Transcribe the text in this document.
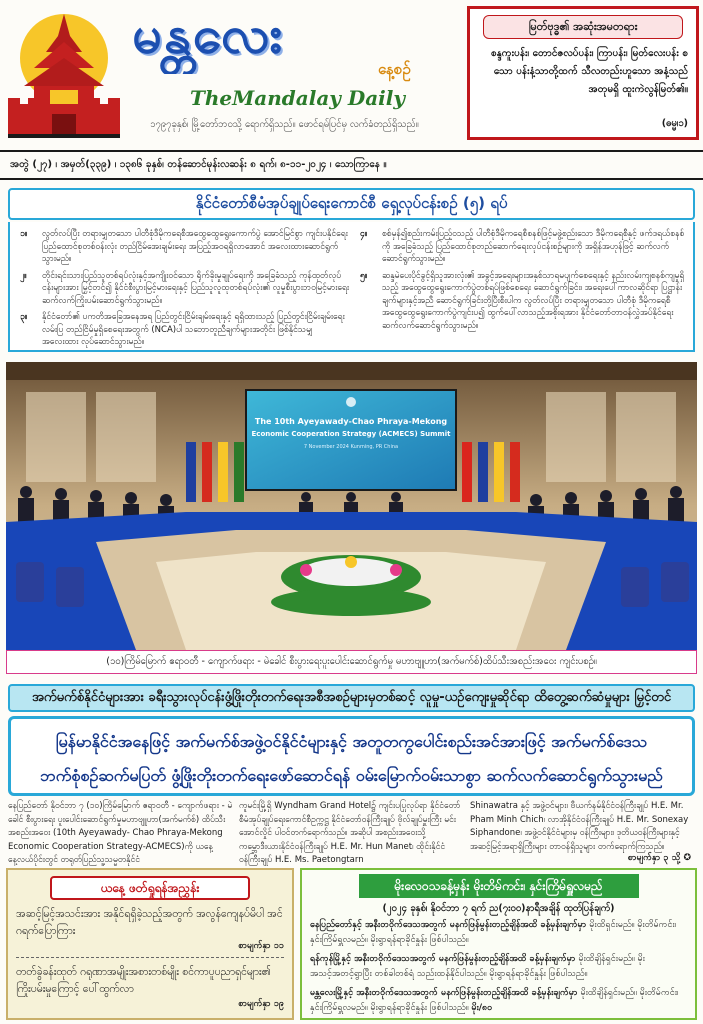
မန္တလေး
နေ့စဉ်
TheMandalay Daily
၁၇၉၇ခုနှစ်၊ မြို့တော်ဘဝသို့ ရောက်ရှိသည်။ ဖောင်ရမ်ပြင်မှ လက်ခံတည်ရှိသည်။
မြတ်ဗုဒ္ဓ၏ အဆုံးအမတရား
စန္ဒကူးပန်း၊ တောင်ဇလပ်ပန်း၊ ကြာပန်း၊ မြတ်လေးပန်း စသော ပန်းနံ့သာတို့ထက် သီလတည်းဟူသော အနံ့သည် အတုမရှိ ထူးကဲလွန်မြတ်၏။
(ဓမ္မ၊၁)
အတွဲ (၂၇) ၊ အမှတ်(၃၃၉) ၊ ၁၃၈၆ ခုနှစ်၊ တန်ဆောင်မုန်းလဆန်း ၈ ရက်၊ ၈-၁၁-၂၀၂၄ ၊ သောကြာနေ ။
နိုင်ငံတော်စီမံအုပ်ချုပ်ရေးကောင်စီ ရှေ့လုပ်ငန်းစဉ် (၅) ရပ်
၁။	လွတ်လပ်ပြီး တရားမျှတသော ပါတီစုံဒီမိုကရေစီအထွေထွေရွေးကောက်ပွဲ အောင်မြင်စွာ ကျင်းပနိုင်ရေး ပြည်ထောင်စုတစ်ဝန်းလုံး တည်ငြိမ်အေးချမ်းရေး အပြည့်အဝရရှိလာအောင် အလေးထားဆောင်ရွက်သွားမည်။
၂။	တိုင်းရင်းသားပြည်သူတစ်ရပ်လုံးနှင့်အကျိုးဝင်သော ရိုက်ခိုးမှုချုပ်ရေးကို အခြေခံသည့် ကုန်ထုတ်လုပ်ငန်းများအား မြှင့်တင်၍ နိုင်ငံစီးပွားမြင့်မားရေးနှင့် ပြည်သူလူထုတစ်ရပ်လုံး၏ လူမှုစီးပွားဘဝမြင့်မားရေး ဆက်လက်ကြိုးပမ်းဆောင်ရွက်သွားမည်။
၃။	နိုင်ငံတော်၏ ပကတိအခြေအနေအရ ပြည်တွင်းငြိမ်းချမ်းရေးနှင့် ရရှိထားသည့် ပြည်တွင်းငြိမ်းချမ်းရေးလမ်းပြ တည်ငြိမ်မှုရှိစေရေးအတွက် (NCA)ပါ သဘောတူညီချက်များအတိုင်း ဖြစ်နိုင်သမျှ အလေးထား လုပ်ဆောင်သွားမည်။
၄။	စစ်မှန်၍စည်းကမ်းပြည့်ဝသည့် ပါတီစုံဒီမိုကရေစီစနစ်ဖြင့်မဖွဲ့စည်းသော ဒီမိုကရေစီနှင့် ဖက်ဒရယ်စနစ်ကို အခြေခံသည့် ပြည်ထောင်စုတည်ဆောက်ရေးလုပ်ငန်းစဉ်များကို အရှိန်အဟုန်ဖြင့် ဆက်လက်ဆောင်ရွက်သွားမည်။
၅။	ဆန္ဒမဲပေးပိုင်ခွင့်ရှိသူအားလုံး၏ အခွင့်အရေးများအနှစ်သာရမပျက်စေရေးနှင့် နည်းလမ်းကျစနစ်ကျမှုရှိသည့် အထွေထွေရွေးကောက်ပွဲတစ်ရပ်ဖြစ်စေရေး ဆောင်ရွက်ခြင်း၊ အရေးပေါ်ကာလဆိုင်ရာ ပြဋ္ဌာန်းချက်များနှင့်အညီ ဆောင်ရွက်ခြင်းတို့ပြီးစီးပါက လွတ်လပ်ပြီး တရားမျှတသော ပါတီစုံ ဒီမိုကရေစီ အထွေထွေရွေးကောက်ပွဲကျင်းပ၍ ထွက်ပေါ်လာသည့်အစိုးရအား နိုင်ငံတော်တာဝန်လွှဲအပ်နိုင်ရေး ဆက်လက်ဆောင်ရွက်သွားမည်။
The 10th Ayeyawady-Chao Phraya-Mekong
Economic Cooperation Strategy (ACMECS) Summit
7 November 2024 Kunming, PR China
(၁၀)ကြိမ်မြောက် ဧရာဝတီ - ကျောက်ဖရား - မဲခေါင် စီးပွားရေးပူးပေါင်းဆောင်ရွက်မှု မဟာဗျူဟာ(အက်မက်စ်)ထိပ်သီးအစည်းအဝေး ကျင်းပစဉ်။
အက်မက်စ်နိုင်ငံများအား ခရီးသွားလုပ်ငန်းဖွံ့ဖြိုးတိုးတက်ရေးအစီအစဉ်များမှတစ်ဆင့် လူမှု-ယဉ်ကျေးမှုဆိုင်ရာ ထိတွေ့ဆက်ဆံမှုများ မြှင့်တင်
မြန်မာနိုင်ငံအနေဖြင့် အက်မက်စ်အဖွဲ့ဝင်နိုင်ငံများနှင့် အတူတကွပေါင်းစည်းအင်အားဖြင့် အက်မက်စ်ဒေသ
ဘက်စုံစဉ်ဆက်မပြတ် ဖွံ့ဖြိုးတိုးတက်ရေးဖော်ဆောင်ရန် ဝမ်းမြောက်ဝမ်းသာစွာ ဆက်လက်ဆောင်ရွက်သွားမည်
နေပြည်တော် နိုဝင်ဘာ ၇ (၁၀)ကြိမ်မြောက် ဧရာဝတီ - ကျောက်ဖရား - မဲခေါင် စီးပွားရေး ပူးပေါင်းဆောင်ရွက်မှုမဟာဗျူဟာ(အက်မက်စ်) ထိပ်သီးအစည်းအဝေး (10th Ayeyawady- Chao Phraya-Mekong Economic Cooperation Strategy-ACMECS)ကို ယနေ့နေ့လယ်ပိုင်းတွင် တရုတ်ပြည်သူ့သမ္မတနိုင်ငံ
ကူမင်းမြို့ရှိ Wyndham Grand Hotel၌ ကျင်းပပြုလုပ်ရာ နိုင်ငံတော်စီမံအုပ်ချုပ်ရေးကောင်စီဥက္ကဋ္ဌ နိုင်ငံတော်ဝန်ကြီးချုပ် ဗိုလ်ချုပ်မှူးကြီး မင်းအောင်လှိုင် ပါဝင်တက်ရောက်သည်။ အဆိုပါ အစည်းအဝေးသို့ ကမ္ဘောဒီးယားနိုင်ငံဝန်ကြီးချုပ် H.E. Mr. Hun Manet၊ ထိုင်းနိုင်ငံဝန်ကြီးချုပ် H.E. Ms. Paetongtarn
Shinawatra နှင့် အဖွဲ့ဝင်များ၊ ဗီယက်နမ်နိုင်ငံဝန်ကြီးချုပ် H.E. Mr. Pham Minh Chich၊ လာအိုနိုင်ငံဝန်ကြီးချုပ် H.E. Mr. Sonexay Siphandone၊ အဖွဲ့ဝင်နိုင်ငံများမှ ဝန်ကြီးများ၊ ဒုတိယဝန်ကြီးများနှင့် အဆင့်မြင့်အရာရှိကြီးများ တာဝန်ရှိသူများ တက်ရောက်ကြသည်။
စာမျက်နှာ ၃ သို့ ✪
ယနေ့ ဖတ်ရှုရန်အညွှန်း
အဆင့်မြင့်အသင်းအား အနိုင်ရရှိခဲ့သည့်အတွက် အလွန်ကျေနပ်မိပါ အင်ဂရက်ပြောကြား
စာမျက်နှာ ၁၁
တတ်ခွဲခန်းထုတ် ဂရုဏာအမျိုးအစားတစ်မျိုး စင်ကာပူပညာရှင်များ၏ ကြိုးပမ်းမှုကြောင့် ပေါ်ထွက်လာ
စာမျက်နှာ ၁၉
မိုးလေဝသခန့်မှန်း မိုးတိမ်ကင်း၊ နှင်းကြိမ်ရှူလမည်
(၂၀၂၄ ခုနှစ်၊ နိုဝင်ဘာ ၇ ရက် ည(၇း၀၀)နာရီအချိန် ထုတ်ပြန်ချက်)
နေပြည်တော်နှင့် အနီးတဝိုက်ဒေသအတွက် မနက်ဖြန်မွန်းတည့်ချိန်အထိ ခန့်မှန်းချက်မှာ မိုးထိရှင်းမည်။ မိုးတိမ်ကင်း၊ နှင်းကြိမ်ရှူလမည်။ မိုးရွာရန်ရာခိုင်နှုန်း ဖြစ်ပါသည်။
ရန်ကုန်မြို့နှင့် အနီးတဝိုက်ဒေသအတွက် မနက်ဖြန်မွန်းတည့်ချိန်အထိ ခန့်မှန်းချက်မှာ မိုးထိချိန်ရှင်းမည်။ မိုးအသင့်အတင့်ရွာပြီး တစ်ခါတစ်ရံ သည်းထန်နိုင်ပါသည်။ မိုးရွာရန်ရာခိုင်နှုန်း ဖြစ်ပါသည်။
မန္တလေးမြို့နှင့် အနီးတဝိုက်ဒေသအတွက် မနက်ဖြန်မွန်းတည့်ချိန်အထိ ခန့်မှန်းချက်မှာ မိုးထိချိန်ရှင်းမည်။ မိုးတိမ်ကင်း၊ နှင်းကြိမ်ရှူလမည်။ မိုးရွာရန်ရာခိုင်နှုန်း ဖြစ်ပါသည်။ မိုး/၈၀
